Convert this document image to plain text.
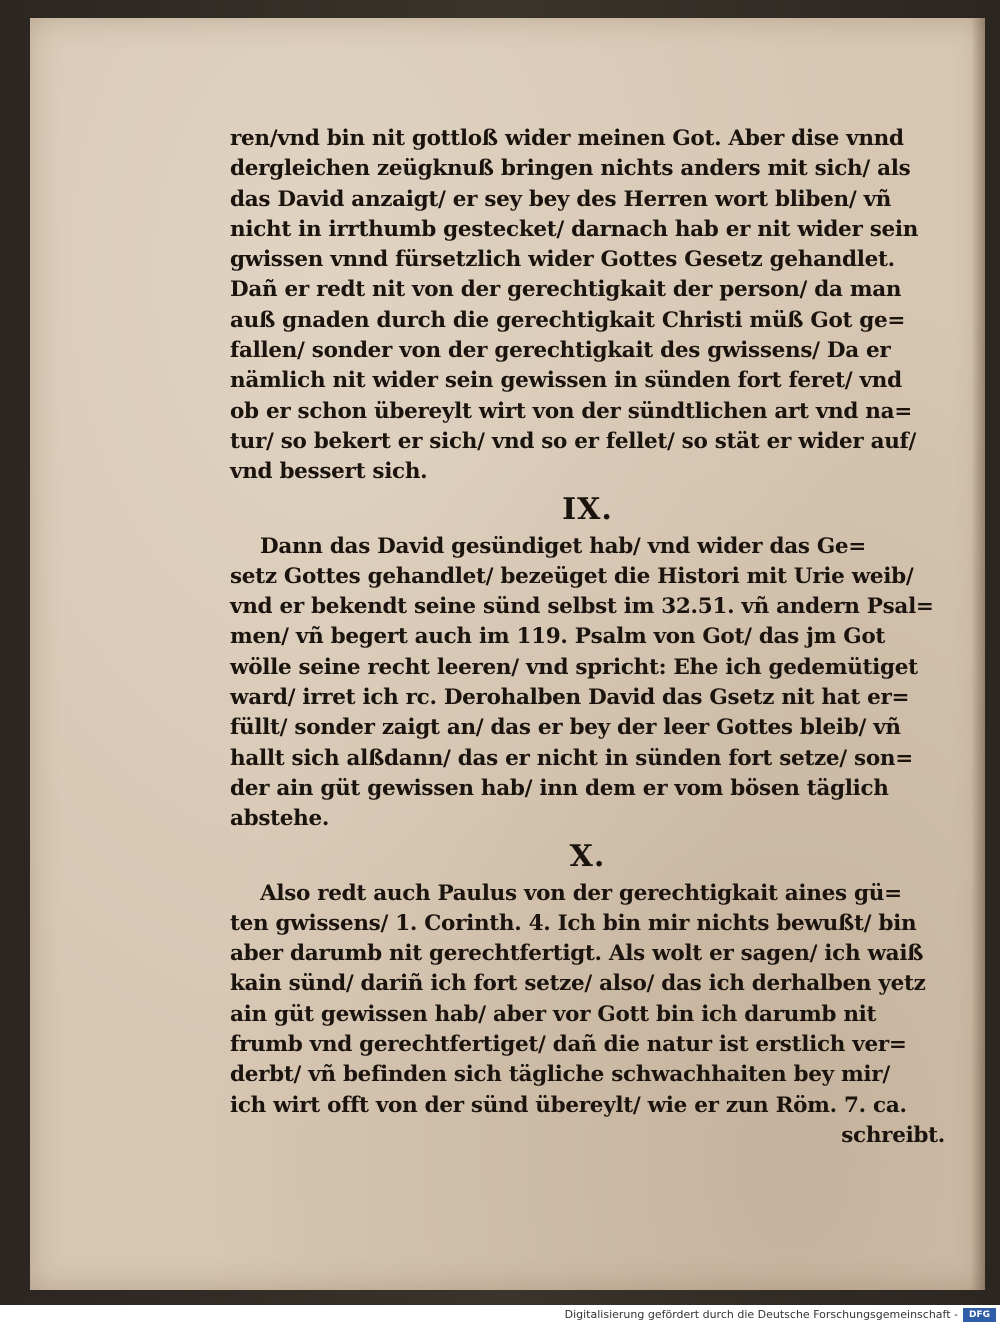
ren/vnd bin nit gottloß wider meinen Got. Aber dise vnnd
dergleichen zeügknuß bringen nichts anders mit sich/ als
das David anzaigt/ er sey bey des Herren wort bliben/ vñ
nicht in irrthumb gestecket/ darnach hab er nit wider sein
gwissen vnnd fürsetzlich wider Gottes Gesetz gehandlet.
Dañ er redt nit von der gerechtigkait der person/ da man
auß gnaden durch die gerechtigkait Christi müß Got ge=
fallen/ sonder von der gerechtigkait des gwissens/ Da er
nämlich nit wider sein gewissen in sünden fort feret/ vnd
ob er schon übereylt wirt von der sündtlichen art vnd na=
tur/ so bekert er sich/ vnd so er fellet/ so stät er wider auf/
vnd bessert sich.
IX.
Dann das David gesündiget hab/ vnd wider das Ge=
setz Gottes gehandlet/ bezeüget die Histori mit Urie weib/
vnd er bekendt seine sünd selbst im 32.51. vñ andern Psal=
men/ vñ begert auch im 119. Psalm von Got/ das jm Got
wölle seine recht leeren/ vnd spricht: Ehe ich gedemütiget
ward/ irret ich rc. Derohalben David das Gsetz nit hat er=
füllt/ sonder zaigt an/ das er bey der leer Gottes bleib/ vñ
hallt sich alßdann/ das er nicht in sünden fort setze/ son=
der ain güt gewissen hab/ inn dem er vom bösen täglich
abstehe.
X.
Also redt auch Paulus von der gerechtigkait aines gü=
ten gwissens/ 1. Corinth. 4. Ich bin mir nichts bewußt/ bin
aber darumb nit gerechtfertigt. Als wolt er sagen/ ich waiß
kain sünd/ dariñ ich fort setze/ also/ das ich derhalben yetz
ain güt gewissen hab/ aber vor Gott bin ich darumb nit
frumb vnd gerechtfertiget/ dañ die natur ist erstlich ver=
derbt/ vñ befinden sich tägliche schwachhaiten bey mir/
ich wirt offt von der sünd übereylt/ wie er zun Röm. 7. ca.
schreibt.
Digitalisierung gefördert durch die Deutsche Forschungsgemeinschaft -	DFG
